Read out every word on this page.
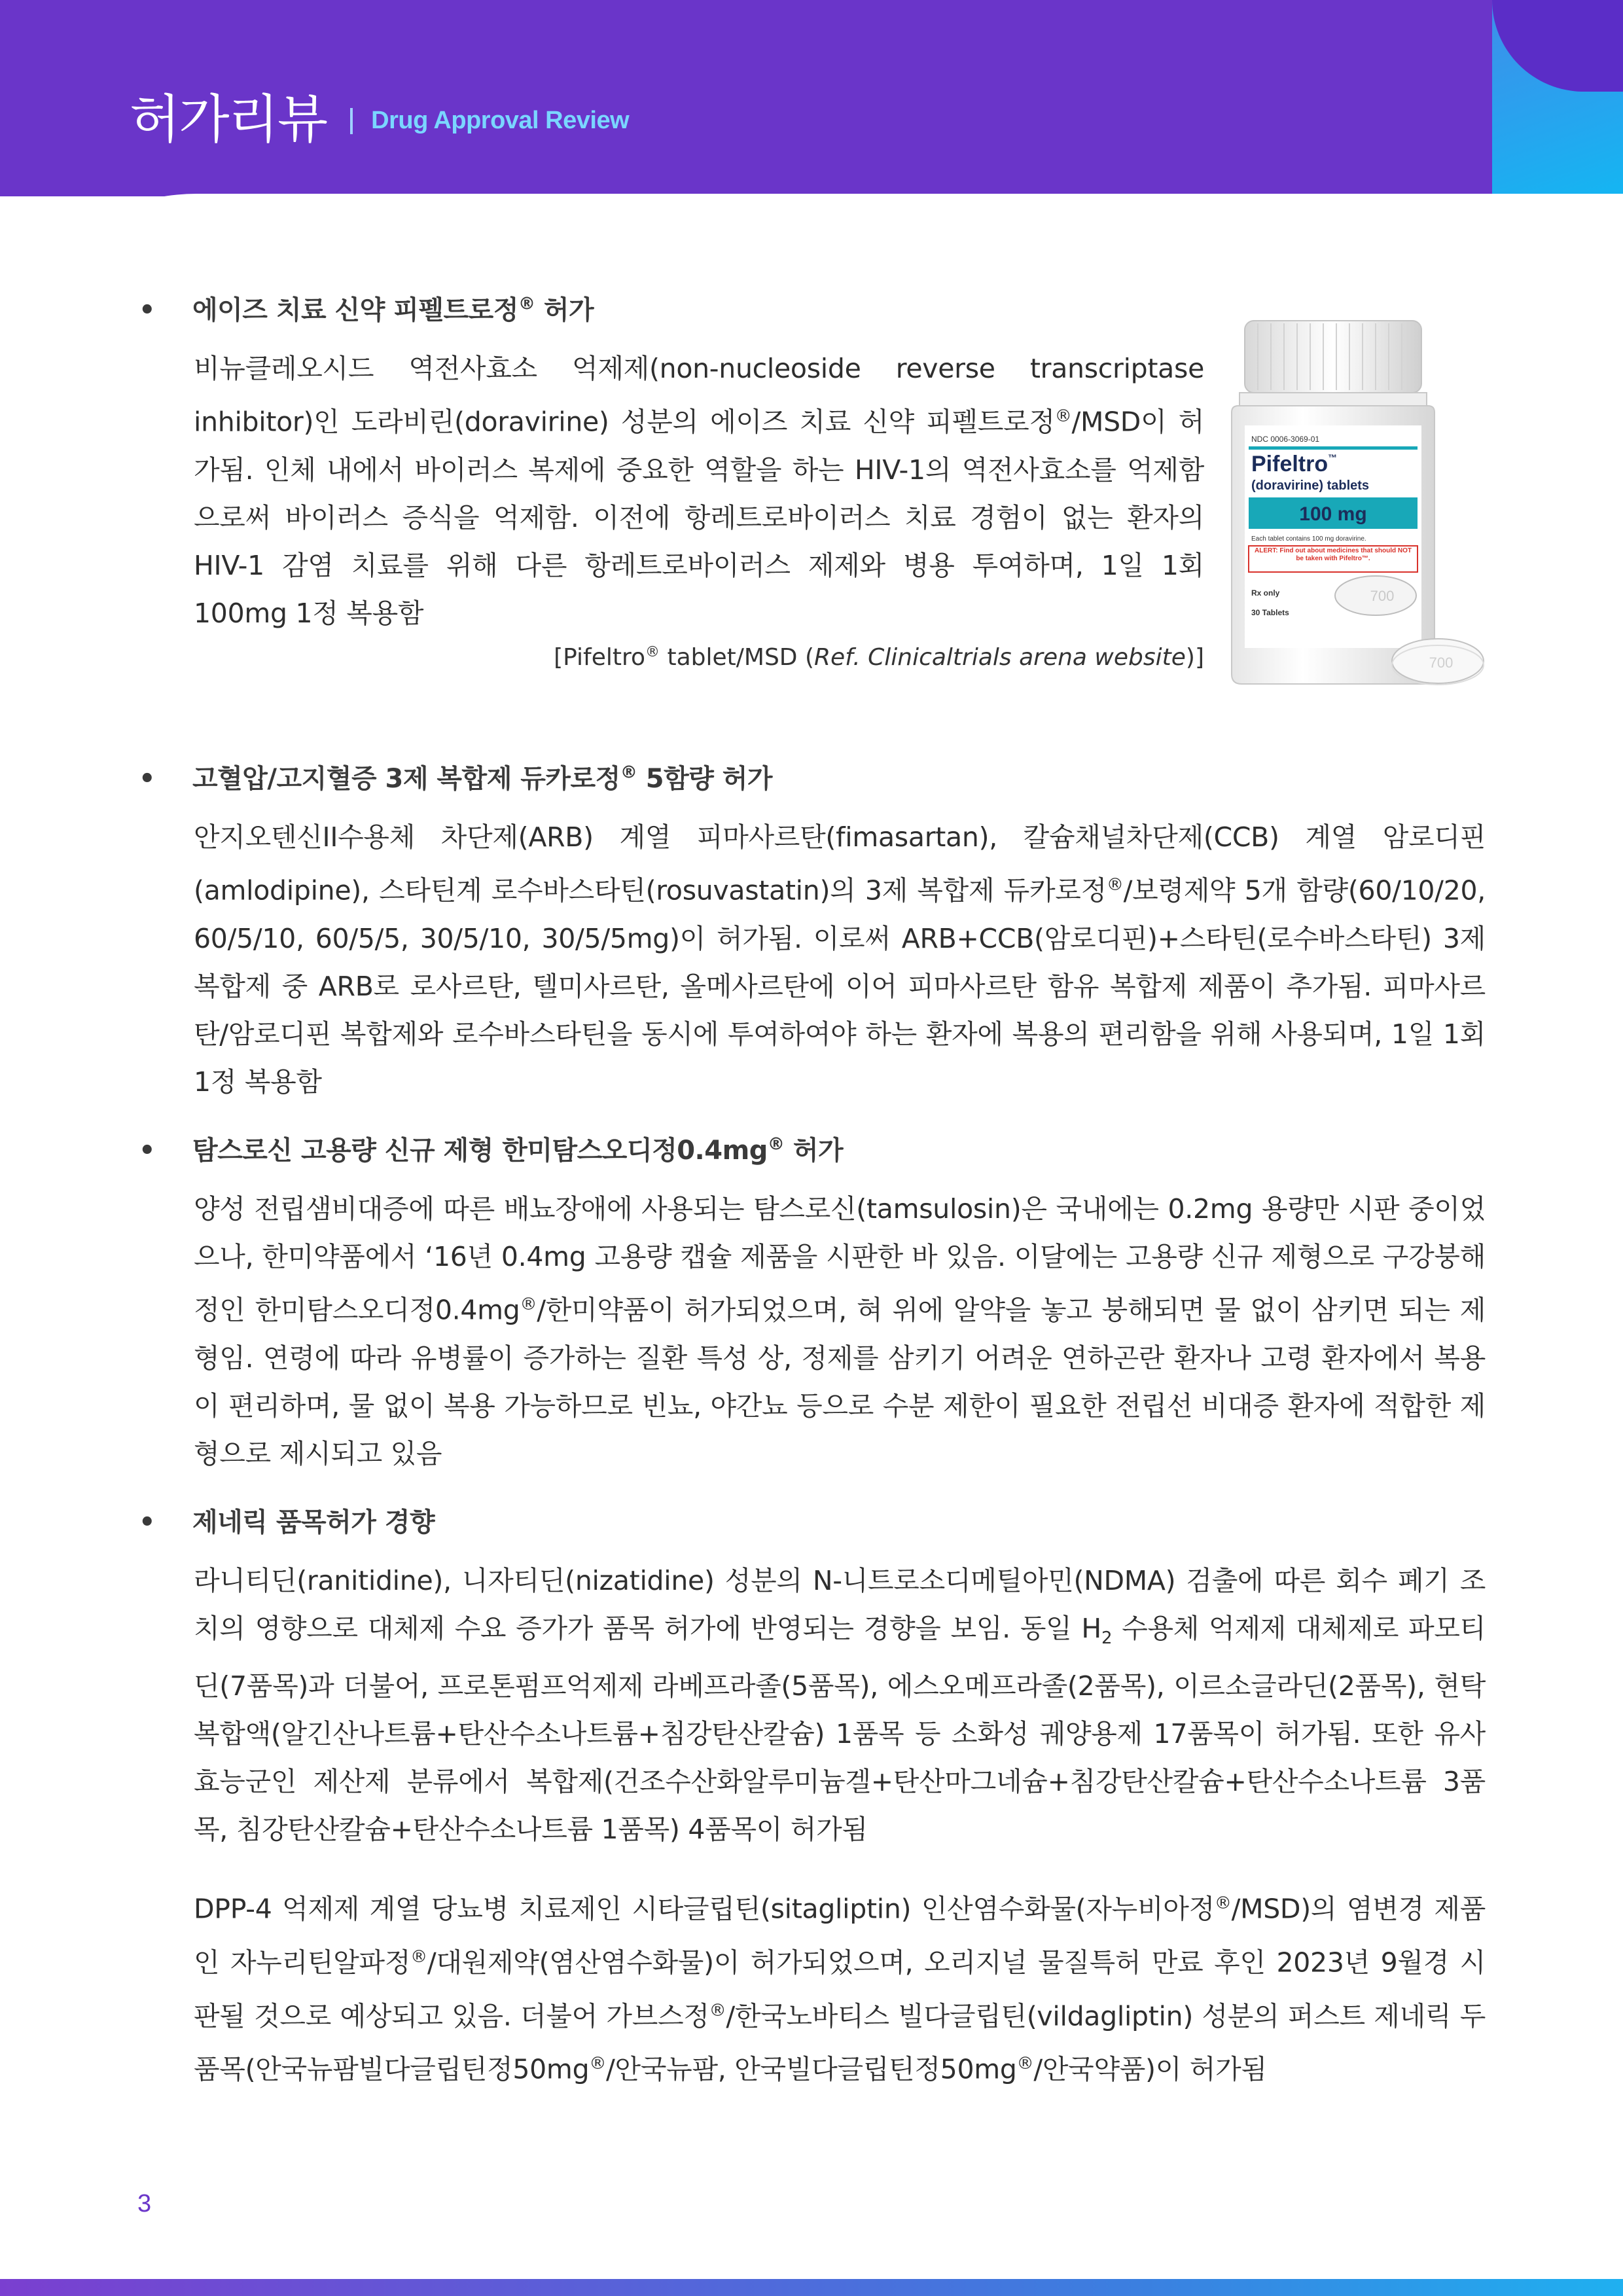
허가리뷰 Drug Approval Review
•	에이즈 치료 신약 피펠트로정® 허가
비뉴클레오시드 역전사효소 억제제(non-nucleoside reverse transcriptase inhibitor)인 도라비린(doravirine) 성분의 에이즈 치료 신약 피펠트로정®/MSD이 허가됨. 인체 내에서 바이러스 복제에 중요한 역할을 하는 HIV-1의 역전사효소를 억제함으로써 바이러스 증식을 억제함. 이전에 항레트로바이러스 치료 경험이 없는 환자의 HIV-1 감염 치료를 위해 다른 항레트로바이러스 제제와 병용 투여하며, 1일 1회 100mg 1정 복용함
[Pifeltro® tablet/MSD (Ref. Clinicaltrials arena website)]
NDC 0006-3069-01
Pifeltro™
(doravirine) tablets
100 mg
Each tablet contains 100 mg doravirine.
ALERT: Find out about medicines that should NOT be taken with Pifeltro™.
Rx only
30 Tablets
700
700
•	고혈압/고지혈증 3제 복합제 듀카로정® 5함량 허가
안지오텐신II수용체 차단제(ARB) 계열 피마사르탄(fimasartan), 칼슘채널차단제(CCB) 계열 암로디핀(amlodipine), 스타틴계 로수바스타틴(rosuvastatin)의 3제 복합제 듀카로정®/보령제약 5개 함량(60/10/20, 60/5/10, 60/5/5, 30/5/10, 30/5/5mg)이 허가됨. 이로써 ARB+CCB(암로디핀)+스타틴(로수바스타틴) 3제 복합제 중 ARB로 로사르탄, 텔미사르탄, 올메사르탄에 이어 피마사르탄 함유 복합제 제품이 추가됨. 피마사르탄/암로디핀 복합제와 로수바스타틴을 동시에 투여하여야 하는 환자에 복용의 편리함을 위해 사용되며, 1일 1회 1정 복용함
•	탐스로신 고용량 신규 제형 한미탐스오디정0.4mg® 허가
양성 전립샘비대증에 따른 배뇨장애에 사용되는 탐스로신(tamsulosin)은 국내에는 0.2mg 용량만 시판 중이었으나, 한미약품에서 ‘16년 0.4mg 고용량 캡슐 제품을 시판한 바 있음. 이달에는 고용량 신규 제형으로 구강붕해정인 한미탐스오디정0.4mg®/한미약품이 허가되었으며, 혀 위에 알약을 놓고 붕해되면 물 없이 삼키면 되는 제형임. 연령에 따라 유병률이 증가하는 질환 특성 상, 정제를 삼키기 어려운 연하곤란 환자나 고령 환자에서 복용이 편리하며, 물 없이 복용 가능하므로 빈뇨, 야간뇨 등으로 수분 제한이 필요한 전립선 비대증 환자에 적합한 제형으로 제시되고 있음
•	제네릭 품목허가 경향
라니티딘(ranitidine), 니자티딘(nizatidine) 성분의 N-니트로소디메틸아민(NDMA) 검출에 따른 회수 폐기 조치의 영향으로 대체제 수요 증가가 품목 허가에 반영되는 경향을 보임. 동일 $H_2$ 수용체 억제제 대체제로 파모티딘(7품목)과 더불어, 프로톤펌프억제제 라베프라졸(5품목), 에스오메프라졸(2품목), 이르소글라딘(2품목), 현탁 복합액(알긴산나트륨+탄산수소나트륨+침강탄산칼슘) 1품목 등 소화성 궤양용제 17품목이 허가됨. 또한 유사 효능군인 제산제 분류에서 복합제(건조수산화알루미늄겔+탄산마그네슘+침강탄산칼슘+탄산수소나트륨 3품목, 침강탄산칼슘+탄산수소나트륨 1품목) 4품목이 허가됨
DPP-4 억제제 계열 당뇨병 치료제인 시타글립틴(sitagliptin) 인산염수화물(자누비아정®/MSD)의 염변경 제품인 자누리틴알파정®/대원제약(염산염수화물)이 허가되었으며, 오리지널 물질특허 만료 후인 2023년 9월경 시판될 것으로 예상되고 있음. 더불어 가브스정®/한국노바티스 빌다글립틴(vildagliptin) 성분의 퍼스트 제네릭 두 품목(안국뉴팜빌다글립틴정50mg®/안국뉴팜, 안국빌다글립틴정50mg®/안국약품)이 허가됨
3
